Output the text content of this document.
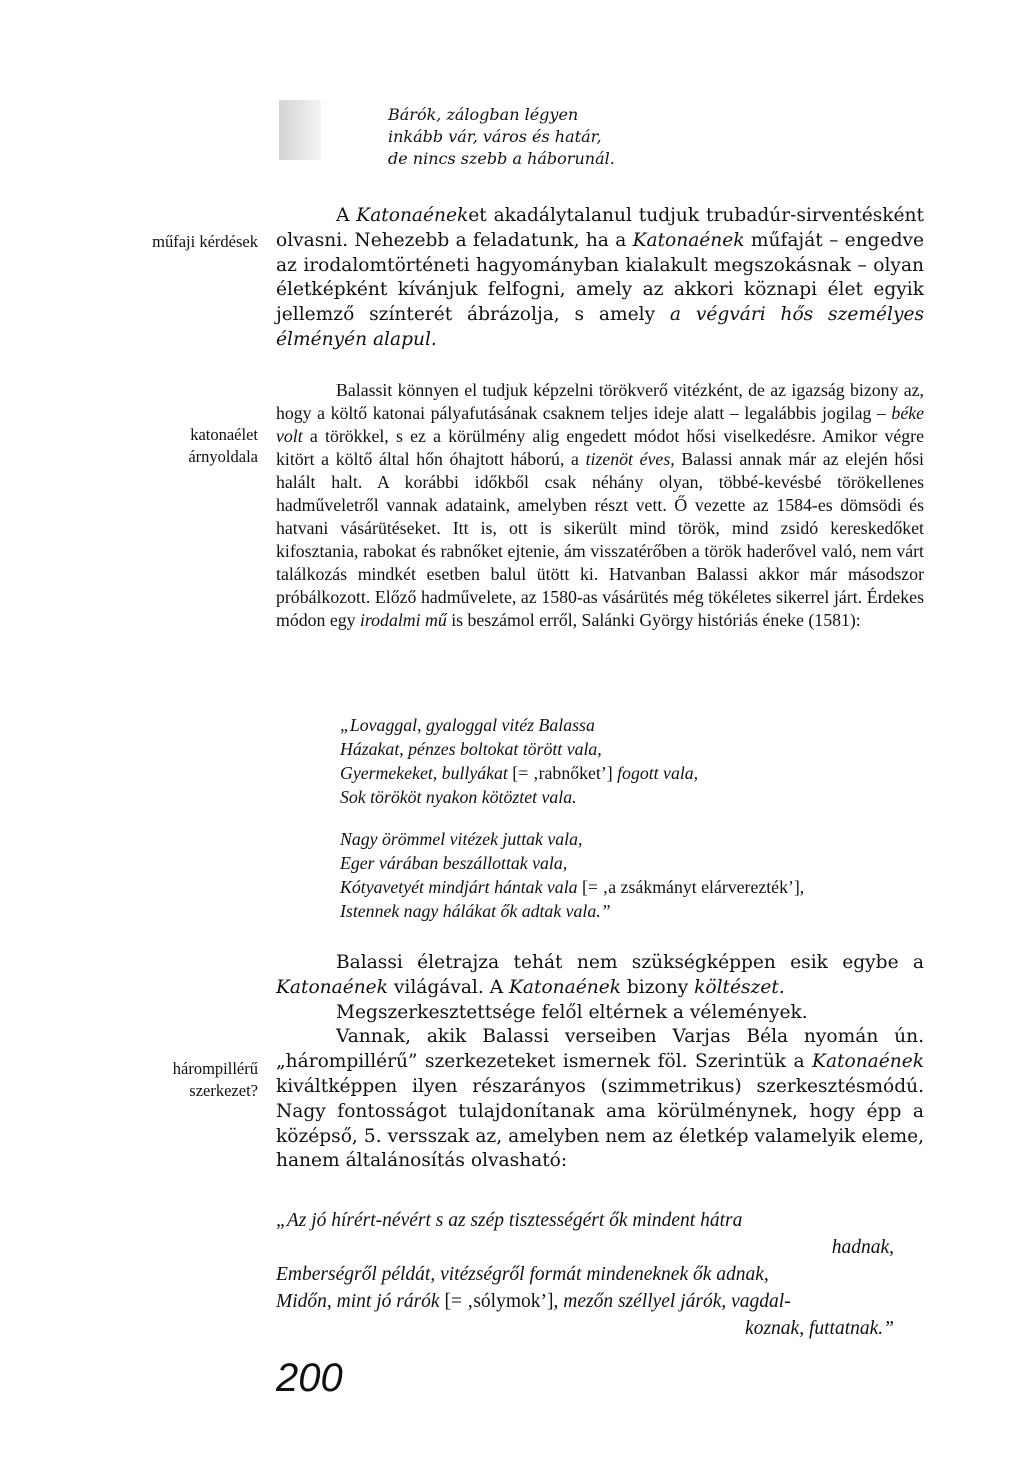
Bárók, zálogban légyen
inkább vár, város és határ,
de nincs szebb a háborunál.
műfaji kérdések
katonaélet
árnyoldala
hárompillérű
szerkezet?

A Katonaéneket akadálytalanul tudjuk trubadúr-sirventésként olvasni. Nehezebb a feladatunk, ha a Katonaének műfaját – engedve az irodalomtörténeti hagyományban kialakult megszokásnak – olyan életképként kívánjuk felfogni, amely az akkori köznapi élet egyik jellemző színterét ábrázolja, s amely a végvári hős személyes élményén alapul.

Balassit könnyen el tudjuk képzelni törökverő vitézként, de az igazság bizony az, hogy a költő katonai pályafutásának csaknem teljes ideje alatt – legalábbis jogilag – béke volt a törökkel, s ez a körülmény alig engedett módot hősi viselkedésre. Amikor végre kitört a költő által hőn óhajtott háború, a tizenöt éves, Balassi annak már az elején hősi halált halt. A korábbi időkből csak néhány olyan, többé-kevésbé törökellenes hadműveletről vannak adataink, amelyben részt vett. Ő vezette az 1584-es dömsödi és hatvani vásárütéseket. Itt is, ott is sikerült mind török, mind zsidó kereskedőket kifosztania, rabokat és rabnőket ejtenie, ám visszatérőben a török haderővel való, nem várt találkozás mindkét esetben balul ütött ki. Hatvanban Balassi akkor már másodszor próbálkozott. Előző hadművelete, az 1580-as vásárütés még tökéletes sikerrel járt. Érdekes módon egy irodalmi mű is beszámol erről, Salánki György históriás éneke (1581):

„Lovaggal, gyaloggal vitéz Balassa
Házakat, pénzes boltokat törött vala,
Gyermekeket, bullyákat [= ‚rabnőket’] fogott vala,
Sok törököt nyakon kötöztet vala.
Nagy örömmel vitézek juttak vala,
Eger várában beszállottak vala,
Kótyavetyét mindjárt hántak vala [= ‚a zsákmányt elárverezték’],
Istennek nagy hálákat ők adtak vala.”
Balassi életrajza tehát nem szükségképpen esik egybe a Katonaének világával. A Katonaének bizony költészet.
Megszerkesztettsége felől eltérnek a vélemények.
Vannak, akik Balassi verseiben Varjas Béla nyomán ún. „hárompillérű” szerkezeteket ismernek föl. Szerintük a Katonaének kiváltképpen ilyen részarányos (szimmetrikus) szerkesztésmódú. Nagy fontosságot tulajdonítanak ama körülménynek, hogy épp a középső, 5. versszak az, amelyben nem az életkép valamelyik eleme, hanem általánosítás olvasható:
„Az jó hírért-névért s az szép tisztességért ők mindent hátra
hadnak,
Emberségről példát, vitézségről formát mindeneknek ők adnak,
Midőn, mint jó rárók [= ‚sólymok’], mezőn széllyel járók, vagdal-
koznak, futtatnak.”
200
